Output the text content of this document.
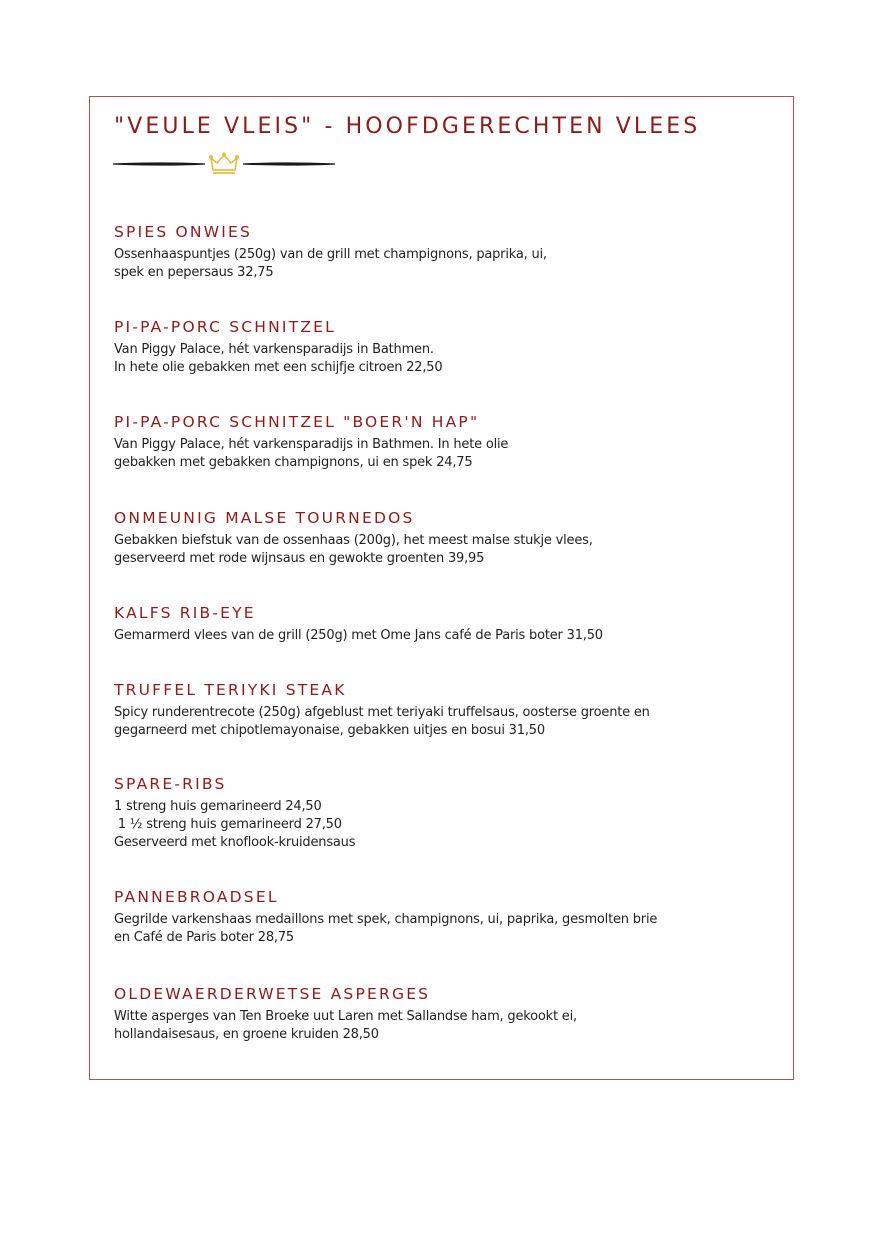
"VEULE VLEIS" - HOOFDGERECHTEN VLEES
SPIES ONWIES

Ossenhaaspuntjes (250g) van de grill met champignons, paprika, ui,
spek en pepersaus 32,75

PI-PA-PORC SCHNITZEL

Van Piggy Palace, hét varkensparadijs in Bathmen.
In hete olie gebakken met een schijfje citroen 22,50

PI-PA-PORC SCHNITZEL "BOER'N HAP"

Van Piggy Palace, hét varkensparadijs in Bathmen. In hete olie
gebakken met gebakken champignons, ui en spek 24,75

ONMEUNIG MALSE TOURNEDOS

Gebakken biefstuk van de ossenhaas (200g), het meest malse stukje vlees,
geserveerd met rode wijnsaus en gewokte groenten 39,95

KALFS RIB-EYE

Gemarmerd vlees van de grill (250g) met Ome Jans café de Paris boter 31,50

TRUFFEL TERIYKI STEAK

Spicy runderentrecote (250g) afgeblust met teriyaki truffelsaus, oosterse groente en
gegarneerd met chipotlemayonaise, gebakken uitjes en bosui 31,50

SPARE-RIBS

1 streng huis gemarineerd 24,50
1 ½ streng huis gemarineerd 27,50
Geserveerd met knoflook-kruidensaus

PANNEBROADSEL

Gegrilde varkenshaas medaillons met spek, champignons, ui, paprika, gesmolten brie
en Café de Paris boter 28,75

OLDEWAERDERWETSE ASPERGES

Witte asperges van Ten Broeke uut Laren met Sallandse ham, gekookt ei,
hollandaisesaus, en groene kruiden 28,50
